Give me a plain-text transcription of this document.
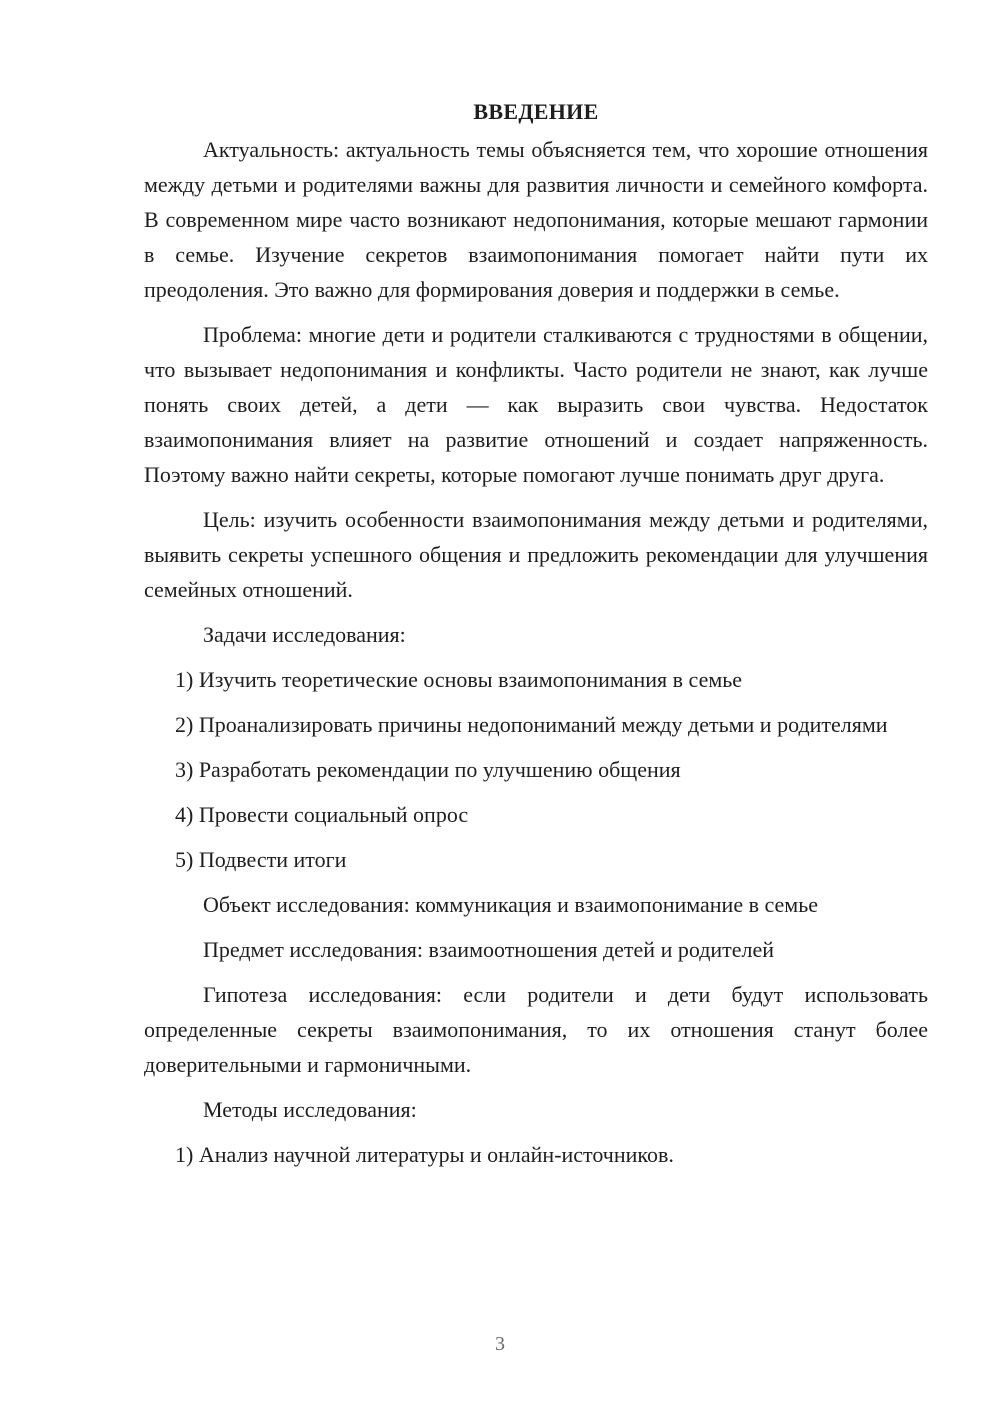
ВВЕДЕНИЕ

Актуальность: актуальность темы объясняется тем, что хорошие отношения между детьми и родителями важны для развития личности и семейного комфорта. В современном мире часто возникают недопонимания, которые мешают гармонии в семье. Изучение секретов взаимопонимания помогает найти пути их преодоления. Это важно для формирования доверия и поддержки в семье.

Проблема: многие дети и родители сталкиваются с трудностями в общении, что вызывает недопонимания и конфликты. Часто родители не знают, как лучше понять своих детей, а дети — как выразить свои чувства. Недостаток взаимопонимания влияет на развитие отношений и создает напряженность. Поэтому важно найти секреты, которые помогают лучше понимать друг друга.

Цель: изучить особенности взаимопонимания между детьми и родителями, выявить секреты успешного общения и предложить рекомендации для улучшения семейных отношений.

Задачи исследования:

1) Изучить теоретические основы взаимопонимания в семье

2) Проанализировать причины недопониманий между детьми и родителями

3) Разработать рекомендации по улучшению общения

4) Провести социальный опрос

5) Подвести итоги

Объект исследования: коммуникация и взаимопонимание в семье

Предмет исследования: взаимоотношения детей и родителей

Гипотеза исследования: если родители и дети будут использовать определенные секреты взаимопонимания, то их отношения станут более доверительными и гармоничными.

Методы исследования:

1) Анализ научной литературы и онлайн-источников.

3
